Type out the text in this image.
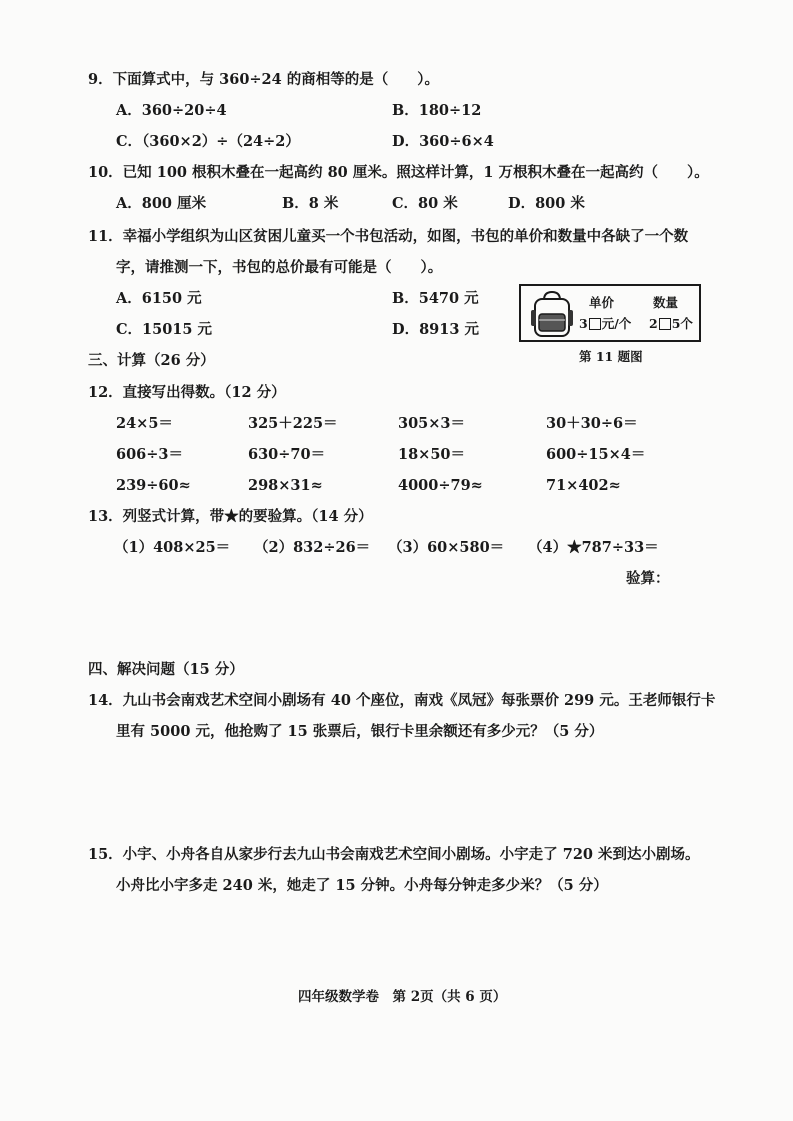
9．下面算式中，与 360÷24 的商相等的是（　　）。
A．360÷20÷4	B．180÷12
C．（360×2）÷（24÷2）	D．360÷6×4
10．已知 100 根积木叠在一起高约 80 厘米。照这样计算，1 万根积木叠在一起高约（　　）。
A．800 厘米	B．8 米	C．80 米	D．800 米
11．幸福小学组织为山区贫困儿童买一个书包活动，如图，书包的单价和数量中各缺了一个数
字，请推测一下，书包的总价最有可能是（　　）。
A．6150 元	B．5470 元
C．15015 元	D．8913 元
单价	数量
3 元/个 2 5个
第 11 题图
三、计算（26 分）
12．直接写出得数。（12 分）
24×5＝	325＋225＝	305×3＝	30＋30÷6＝
606÷3＝	630÷70＝	18×50＝	600÷15×4＝
239÷60≈	298×31≈	4000÷79≈	71×402≈
13．列竖式计算，带★的要验算。（14 分）
（1）408×25＝ （2）832÷26＝ （3）60×580＝ （4）★787÷33＝
验算：
四、解决问题（15 分）
14．九山书会南戏艺术空间小剧场有 40 个座位，南戏《凤冠》每张票价 299 元。王老师银行卡
里有 5000 元，他抢购了 15 张票后，银行卡里余额还有多少元？（5 分）
15．小宇、小舟各自从家步行去九山书会南戏艺术空间小剧场。小宇走了 720 米到达小剧场。
小舟比小宇多走 240 米，她走了 15 分钟。小舟每分钟走多少米？（5 分）
四年级数学卷　第 2页（共 6 页）
